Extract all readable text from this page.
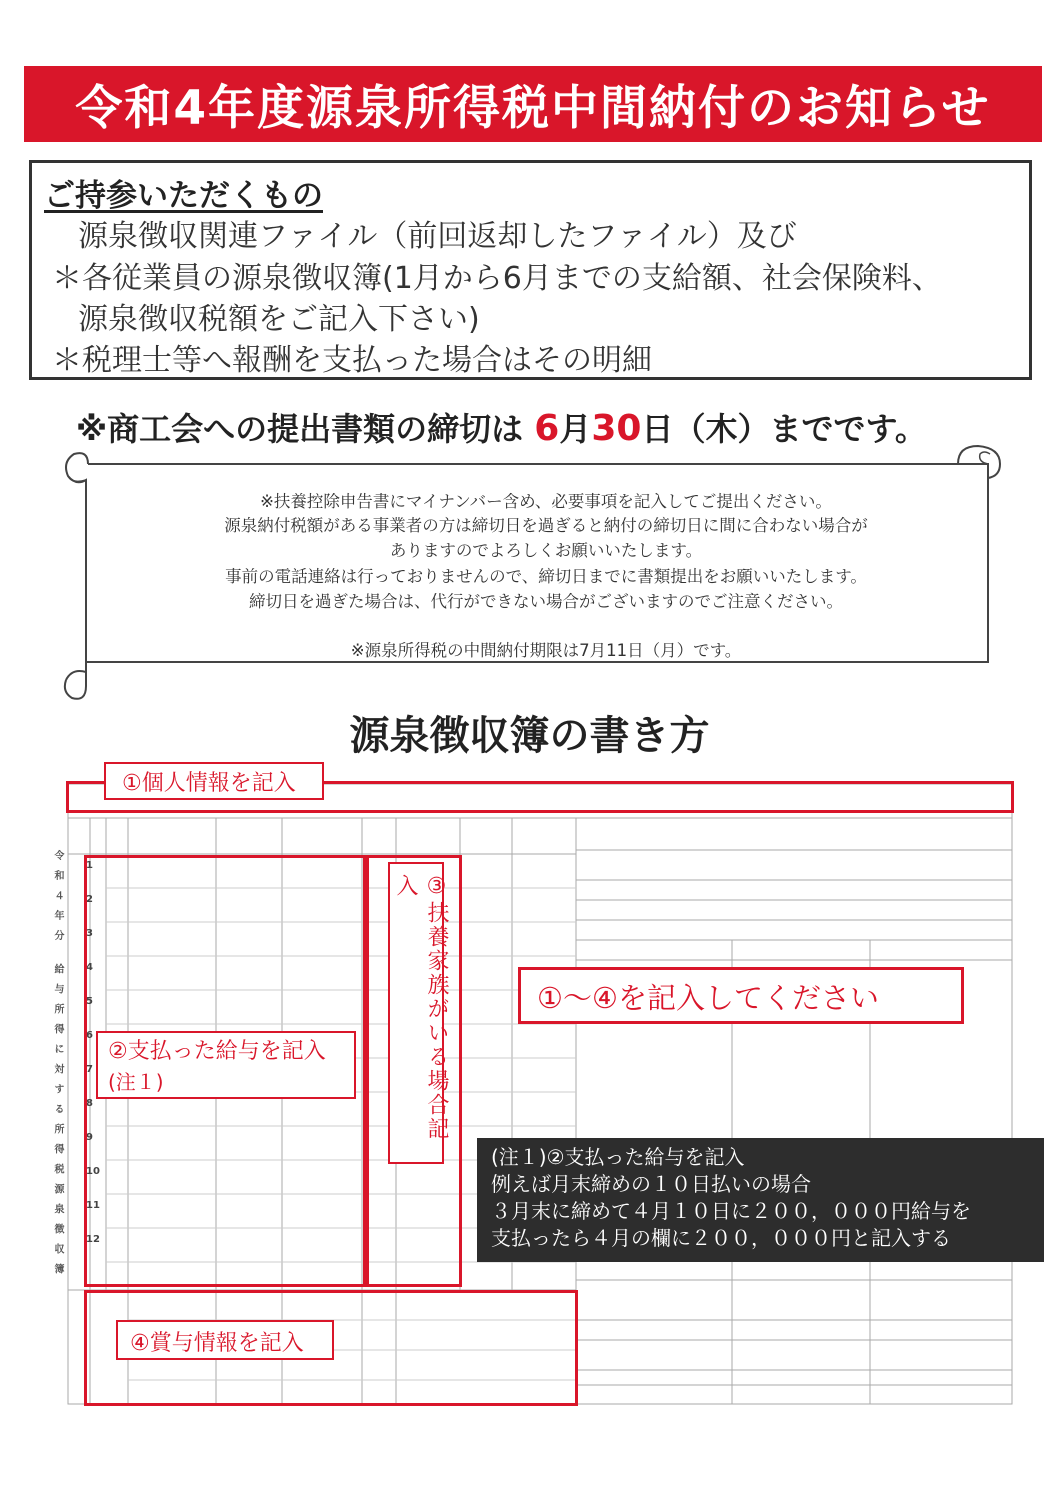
令和4年度源泉所得税中間納付のお知らせ
ご持参いただくもの
源泉徴収関連ファイル（前回返却したファイル）及び
＊各従業員の源泉徴収簿(1月から6月までの支給額、社会保険料、
源泉徴収税額をご記入下さい)
＊税理士等へ報酬を支払った場合はその明細
※商工会への提出書類の締切は 6月30日（木）までです。
※扶養控除申告書にマイナンバー含め、必要事項を記入してご提出ください。
源泉納付税額がある事業者の方は締切日を過ぎると納付の締切日に間に合わない場合が
ありますのでよろしくお願いいたします。
事前の電話連絡は行っておりませんので、締切日までに書類提出をお願いいたします。
締切日を過ぎた場合は、代行ができない場合がございますのでご注意ください。
※源泉所得税の中間納付期限は7月11日（月）です。
源泉徴収簿の書き方
1
2
3
4
5
6
7
8
9
10
11
12
令和４年分 給与所得に対する所得税源泉徴収簿
①個人情報を記入
②支払った給与を記入
(注１)	③扶養家族がいる場合記入
④賞与情報を記入
①〜④を記入してください
(注１)②支払った給与を記入
例えば月末締めの１０日払いの場合
３月末に締めて４月１０日に２００，０００円給与を
支払ったら４月の欄に２００，０００円と記入する
